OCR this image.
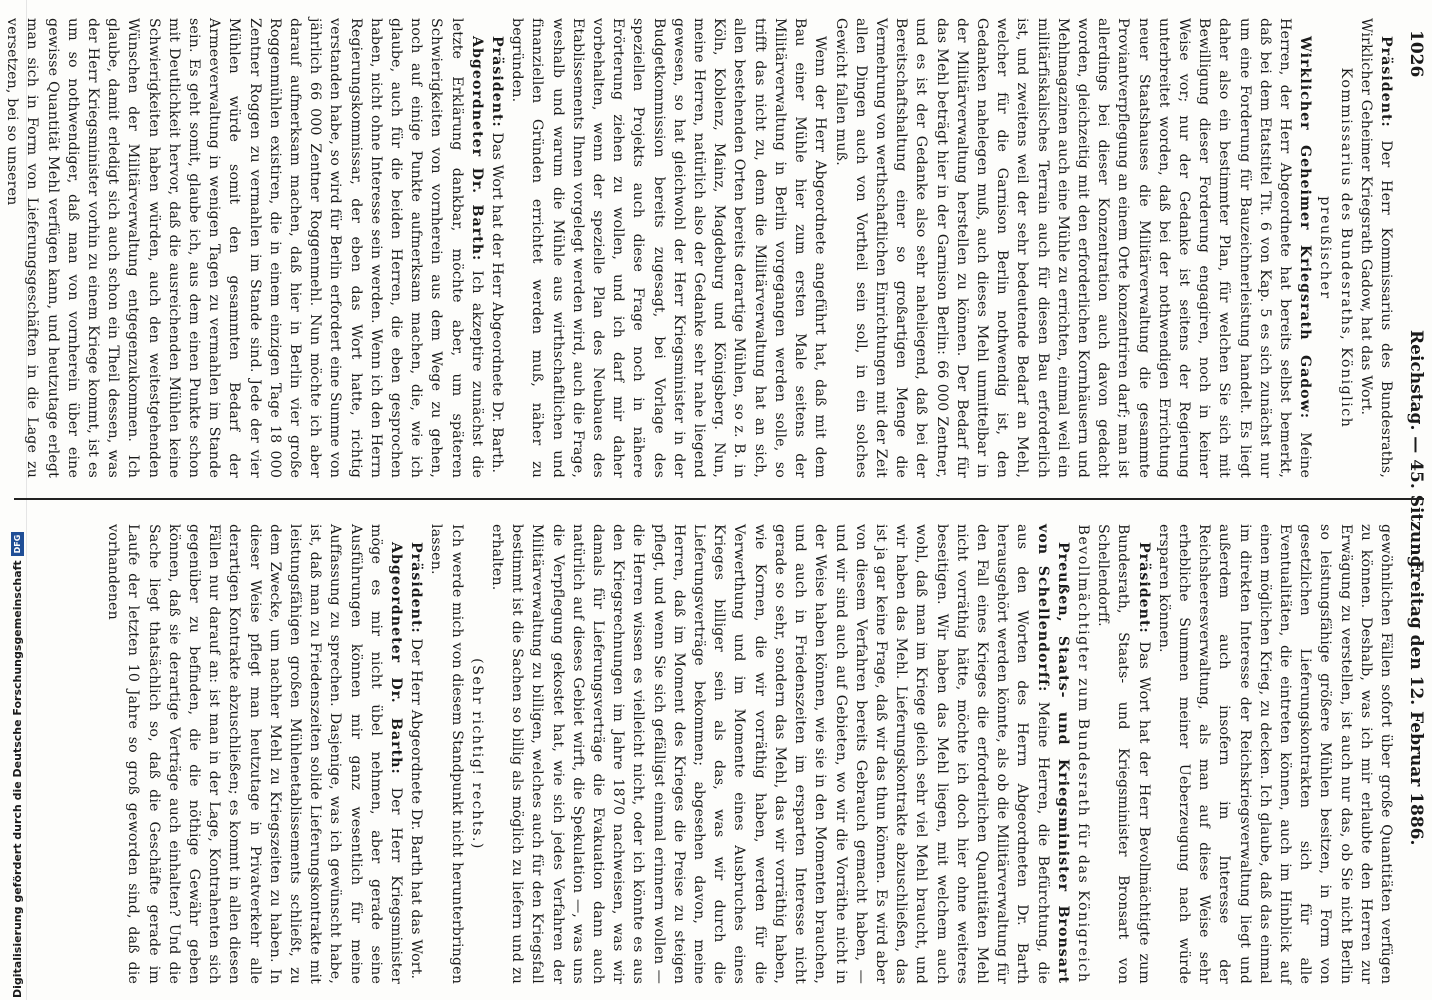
1026
Reichstag. — 45. Sitzung.
Freitag den 12. Februar 1886.

Präsident: Der Herr Kommissarius des Bundesraths, Wirklicher Geheimer Kriegsrath Gadow, hat das Wort.

Kommissarius des Bundesraths, Königlich preußischer

Wirklicher Geheimer Kriegsrath Gadow: Meine Herren, der Herr Abgeordnete hat bereits selbst bemerkt, daß bei dem Etatstitel Tit. 6 von Kap. 5 es sich zunächst nur um eine Forderung für Bauzeichnerleistung handelt. Es liegt daher also ein bestimmter Plan, für welchen Sie sich mit Bewilligung dieser Forderung engagiren, noch in keiner Weise vor; nur der Gedanke ist seitens der Regierung unterbreitet worden, daß bei der nothwendigen Errichtung neuer Staatshauses die Militärverwaltung die gesammte Proviantverpflegung an einem Orte konzentriren darf; man ist allerdings bei dieser Konzentration auch davon gedacht worden, gleichzeitig mit den erforderlichen Kornhäusern und Mehlmagazinen auch eine Mühle zu errichten, einmal weil ein militärfiskalisches Terrain auch für diesen Bau erforderlich ist, und zweitens weil der sehr bedeutende Bedarf an Mehl, welcher für die Garnison Berlin nothwendig ist, den Gedanken nahelegen muß, auch dieses Mehl unmittelbar in der Militärverwaltung herstellen zu können. Der Bedarf für das Mehl beträgt hier in der Garnison Berlin: 66 000 Zentner, und es ist der Gedanke also sehr naheliegend, daß bei der Bereitschaftshaltung einer so großartigen Menge die Vermehrung von werthschaftlichen Einrichtungen mit der Zeit allen Dingen auch von Vortheil sein soll, in ein solches Gewicht fallen muß.

Wenn der Herr Abgeordnete angeführt hat, daß mit dem Bau einer Mühle hier zum ersten Male seitens der Militärverwaltung in Berlin vorgegangen werden solle, so trifft das nicht zu, denn die Militärverwaltung hat an sich, allen bestehenden Orten bereits derartige Mühlen, so z. B. in Köln, Koblenz, Mainz, Magdeburg und Königsberg. Nun, meine Herren, natürlich also der Gedanke sehr nahe liegend gewesen, so hat gleichwohl der Herr Kriegsminister in der Budgetkommission bereits zugesagt, bei Vorlage des speziellen Projekts auch diese Frage noch in nähere Erörterung ziehen zu wollen, und ich darf mir daher vorbehalten, wenn der spezielle Plan des Neubaues des Etablissements Ihnen vorgelegt werden wird, auch die Frage, weshalb und warum die Mühle aus wirthschaftlichen und finanziellen Gründen errichtet werden muß, näher zu begründen.

Präsident: Das Wort hat der Herr Abgeordnete Dr. Barth.

Abgeordneter Dr. Barth: Ich akzeptire zunächst die letzte Erklärung dankbar, möchte aber, um späteren Schwierigkeiten von vornherein aus dem Wege zu gehen, noch auf einige Punkte aufmerksam machen, die, wie ich glaube, auch für die beiden Herren, die eben gesprochen haben, nicht ohne Interesse sein werden. Wenn ich den Herrn Regierungskommissar, der eben das Wort hatte, richtig verstanden habe, so wird für Berlin erfordert eine Summe von jährlich 66 000 Zentner Roggenmehl. Nun möchte ich aber darauf aufmerksam machen, daß hier in Berlin vier große Roggenmühlen existiren, die in einem einzigen Tage 18 000 Zentner Roggen zu vermahlen im Stande sind. Jede der vier Mühlen würde somit den gesammten Bedarf der Armeeverwaltung in wenigen Tagen zu vermahlen im Stande sein. Es geht somit, glaube ich, aus dem einen Punkte schon mit Deutlichkeit hervor, daß die ausreichenden Mühlen keine Schwierigkeiten haben würden, auch den weitestgehenden Wünschen der Militärverwaltung entgegenzukommen. Ich glaube, damit erledigt sich auch schon ein Theil dessen, was der Herr Kriegsminister vorhin zu einem Kriege kommt, ist es um so nothwendiger, daß man von vornherein über eine gewisse Quantität Mehl verfügen kann, und heutzutage erlegt man sich in Form von Lieferungsgeschäften in die Lage zu versetzen, bei so unseren

gewöhnlichen Fällen sofort über große Quantitäten verfügen zu können. Deshalb, was ich mir erlaubte den Herren zur Erwägung zu verstellen, ist auch nur das, ob Sie nicht Berlin so leistungsfähige größere Mühlen besitzen, in Form von gesetzlichen Lieferungskontrakten sich für alle Eventualitäten, die eintreten können, auch im Hinblick auf einen möglichen Krieg, zu decken. Ich glaube, daß das einmal im direkten Interesse der Reichskriegsverwaltung liegt und außerdem auch insofern im Interesse der Reichsheeresverwaltung, als man auf diese Weise sehr erhebliche Summen meiner Ueberzeugung nach würde ersparen können.

Präsident: Das Wort hat der Herr Bevollmächtigte zum Bundesrath, Staats- und Kriegsminister Bronsart von Schellendorff.

Bevollmächtigter zum Bundesrath für das Königreich

Preußen, Staats- und Kriegsminister Bronsart von Schellendorff: Meine Herren, die Befürchtung, die aus den Worten des Herrn Abgeordneten Dr. Barth herausgehört werden könnte, als ob die Militärverwaltung für den Fall eines Krieges die erforderlichen Quantitäten Mehl nicht vorräthig hätte, möchte ich doch hier ohne weiteres beseitigen. Wir haben das Mehl liegen, mit welchem auch wohl, daß man im Kriege gleich sehr viel Mehl braucht, und wir haben das Mehl. Lieferungskontrakte abzuschließen, das ist ja gar keine Frage, daß wir das thun können. Es wird aber von diesem Verfahren bereits Gebrauch gemacht haben, — und wir sind auch auf Gebieten, wo wir die Vorräthe nicht in der Weise haben können, wie sie in den Momenten brauchen, und auch in Friedenszeiten im ersparten Interesse nicht gerade so sehr, sondern das Mehl, das wir vorräthig haben, wie Kornen, die wir vorräthig haben, werden für die Verwerthung und im Momente eines Ausbruches eines Krieges billiger sein als das, was wir durch die Lieferungsverträge bekommen; abgesehen davon, meine Herren, daß im Moment des Krieges die Preise zu steigen pflegt, und wenn Sie sich gefälligst einmal erinnern wollen — die Herren wissen es vielleicht nicht, oder ich könnte es aus den Kriegsrechnungen im Jahre 1870 nachweisen, was wir damals für Lieferungsverträge die Evakuation dann auch natürlich auf dieses Gebiet wirft, die Spekulation —, was uns die Verpflegung gekostet hat, wie sich jedes Verfahren der Militärverwaltung zu billigen, welches auch für den Kriegsfall bestimmt ist die Sachen so billig als möglich zu liefern und zu erhalten.

(Sehr richtig! rechts.)

Ich werde mich von diesem Standpunkt nicht herunterbringen lassen.

Präsident: Der Herr Abgeordnete Dr. Barth hat das Wort.

Abgeordneter Dr. Barth: Der Herr Kriegsminister möge es mir nicht übel nehmen, aber gerade seine Ausführungen können mir ganz wesentlich für meine Auffassung zu sprechen. Dasjenige, was ich gewünscht habe, ist, daß man zu Friedenszeiten solide Lieferungskontrakte mit leistungsfähigen großen Mühlenetablissements schließt, zu dem Zwecke, um nachher Mehl zu Kriegszeiten zu haben. In dieser Weise pflegt man heutzutage in Privatverkehr alle derartigen Kontrakte abzuschließen; es kommt in allen diesen Fällen nur darauf an: ist man in der Lage, Kontrahenten sich gegenüber zu befinden, die die nöthige Gewähr geben können, daß sie derartige Verträge auch einhalten? Und die Sache liegt thatsächlich so, daß die Geschäfte gerade im Laufe der letzten 10 Jahre so groß geworden sind, daß die vorhandenen

Digitalisierung gefördert durch die Deutsche Forschungsgemeinschaft
DFG
